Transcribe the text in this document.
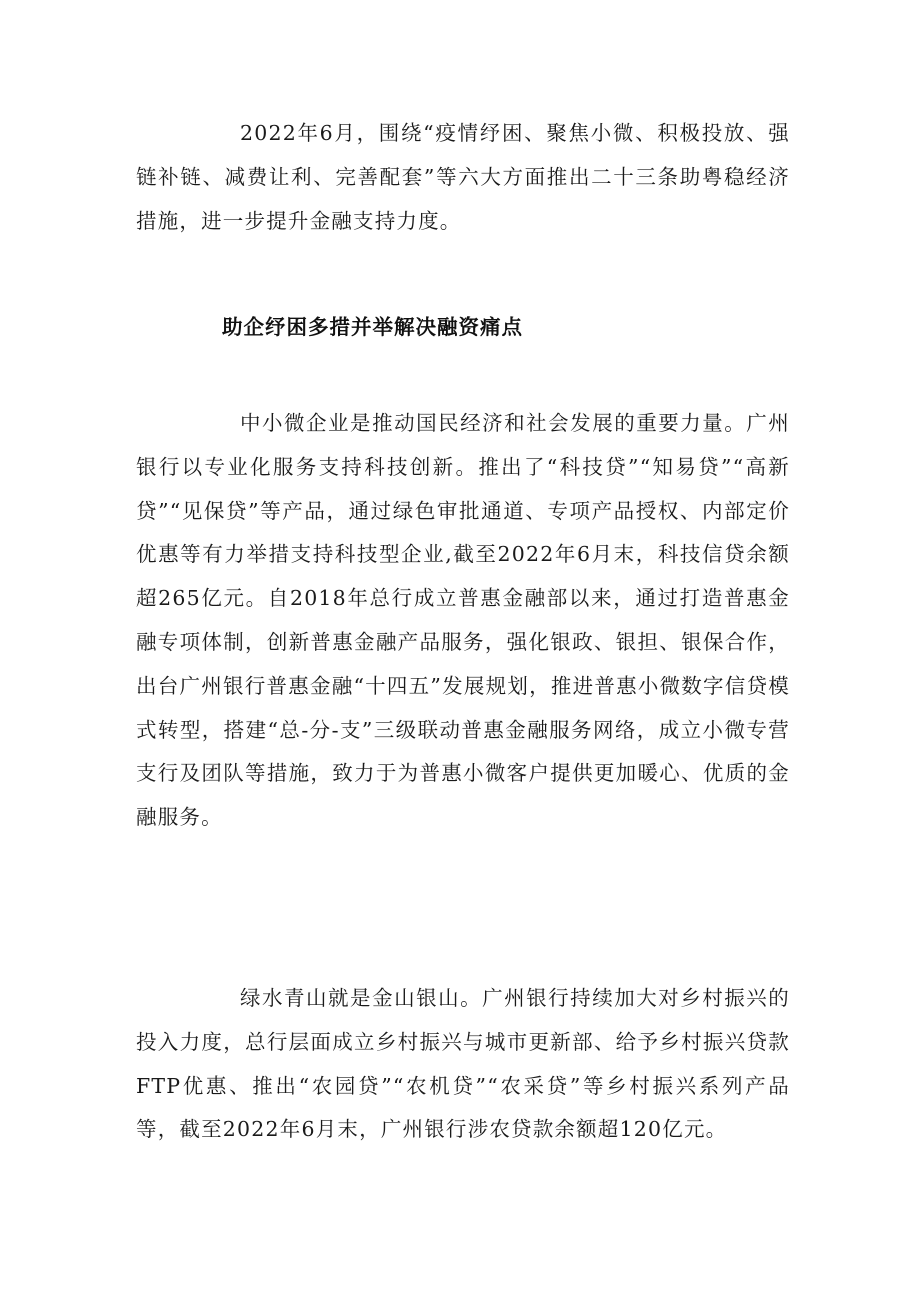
2022年6月，围绕“疫情纾困、聚焦小微、积极投放、强链补链、减费让利、完善配套”等六大方面推出二十三条助粤稳经济措施，进一步提升金融支持力度。

助企纾困多措并举解决融资痛点

中小微企业是推动国民经济和社会发展的重要力量。广州银行以专业化服务支持科技创新。推出了“科技贷”“知易贷”“高新贷”“见保贷”等产品，通过绿色审批通道、专项产品授权、内部定价优惠等有力举措支持科技型企业,截至2022年6月末，科技信贷余额超265亿元。自2018年总行成立普惠金融部以来，通过打造普惠金融专项体制，创新普惠金融产品服务，强化银政、银担、银保合作，出台广州银行普惠金融“十四五”发展规划，推进普惠小微数字信贷模式转型，搭建“总-分-支”三级联动普惠金融服务网络，成立小微专营支行及团队等措施，致力于为普惠小微客户提供更加暖心、优质的金融服务。

绿水青山就是金山银山。广州银行持续加大对乡村振兴的投入力度，总行层面成立乡村振兴与城市更新部、给予乡村振兴贷款FTP优惠、推出“农园贷”“农机贷”“农采贷”等乡村振兴系列产品等，截至2022年6月末，广州银行涉农贷款余额超120亿元。
